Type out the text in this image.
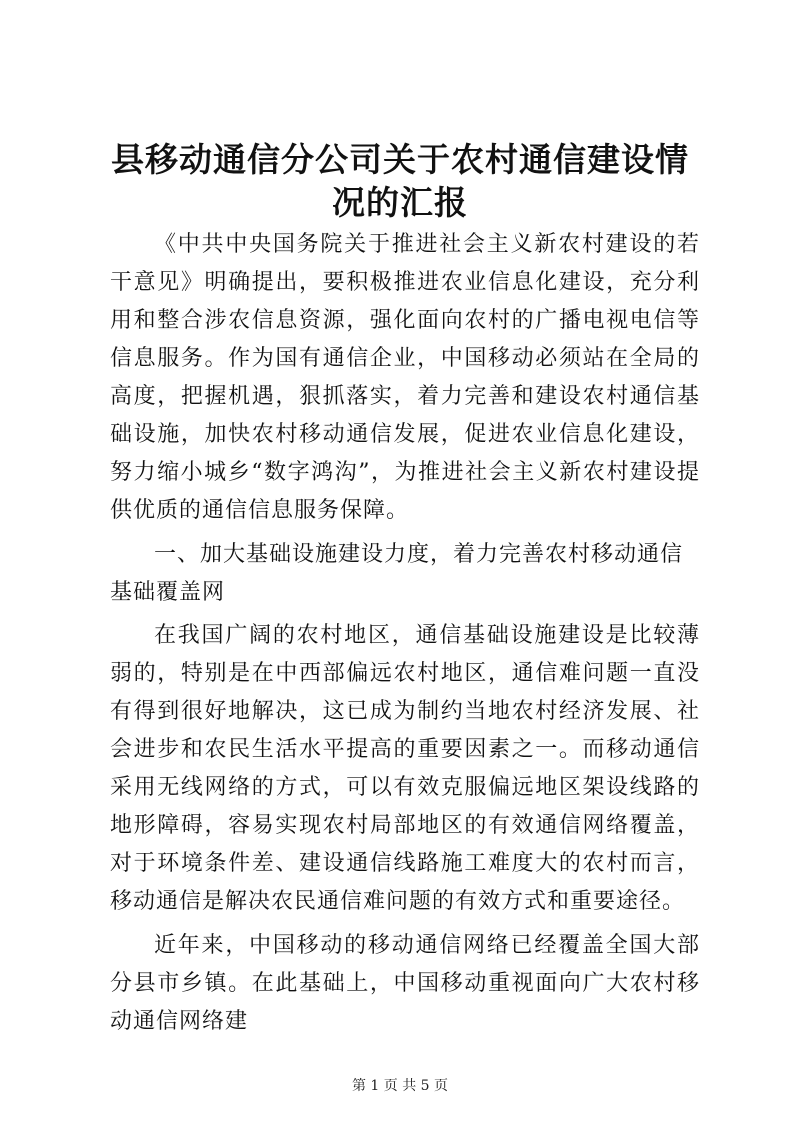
县移动通信分公司关于农村通信建设情况的汇报

《中共中央国务院关于推进社会主义新农村建设的若干意见》明确提出，要积极推进农业信息化建设，充分利用和整合涉农信息资源，强化面向农村的广播电视电信等信息服务。作为国有通信企业，中国移动必须站在全局的高度，把握机遇，狠抓落实，着力完善和建设农村通信基础设施，加快农村移动通信发展，促进农业信息化建设，努力缩小城乡“数字鸿沟”，为推进社会主义新农村建设提供优质的通信信息服务保障。

一、加大基础设施建设力度，着力完善农村移动通信基础覆盖网

在我国广阔的农村地区，通信基础设施建设是比较薄弱的，特别是在中西部偏远农村地区，通信难问题一直没有得到很好地解决，这已成为制约当地农村经济发展、社会进步和农民生活水平提高的重要因素之一。而移动通信采用无线网络的方式，可以有效克服偏远地区架设线路的地形障碍，容易实现农村局部地区的有效通信网络覆盖，对于环境条件差、建设通信线路施工难度大的农村而言，移动通信是解决农民通信难问题的有效方式和重要途径。

近年来，中国移动的移动通信网络已经覆盖全国大部分县市乡镇。在此基础上，中国移动重视面向广大农村移动通信网络建

第 1 页 共 5 页
